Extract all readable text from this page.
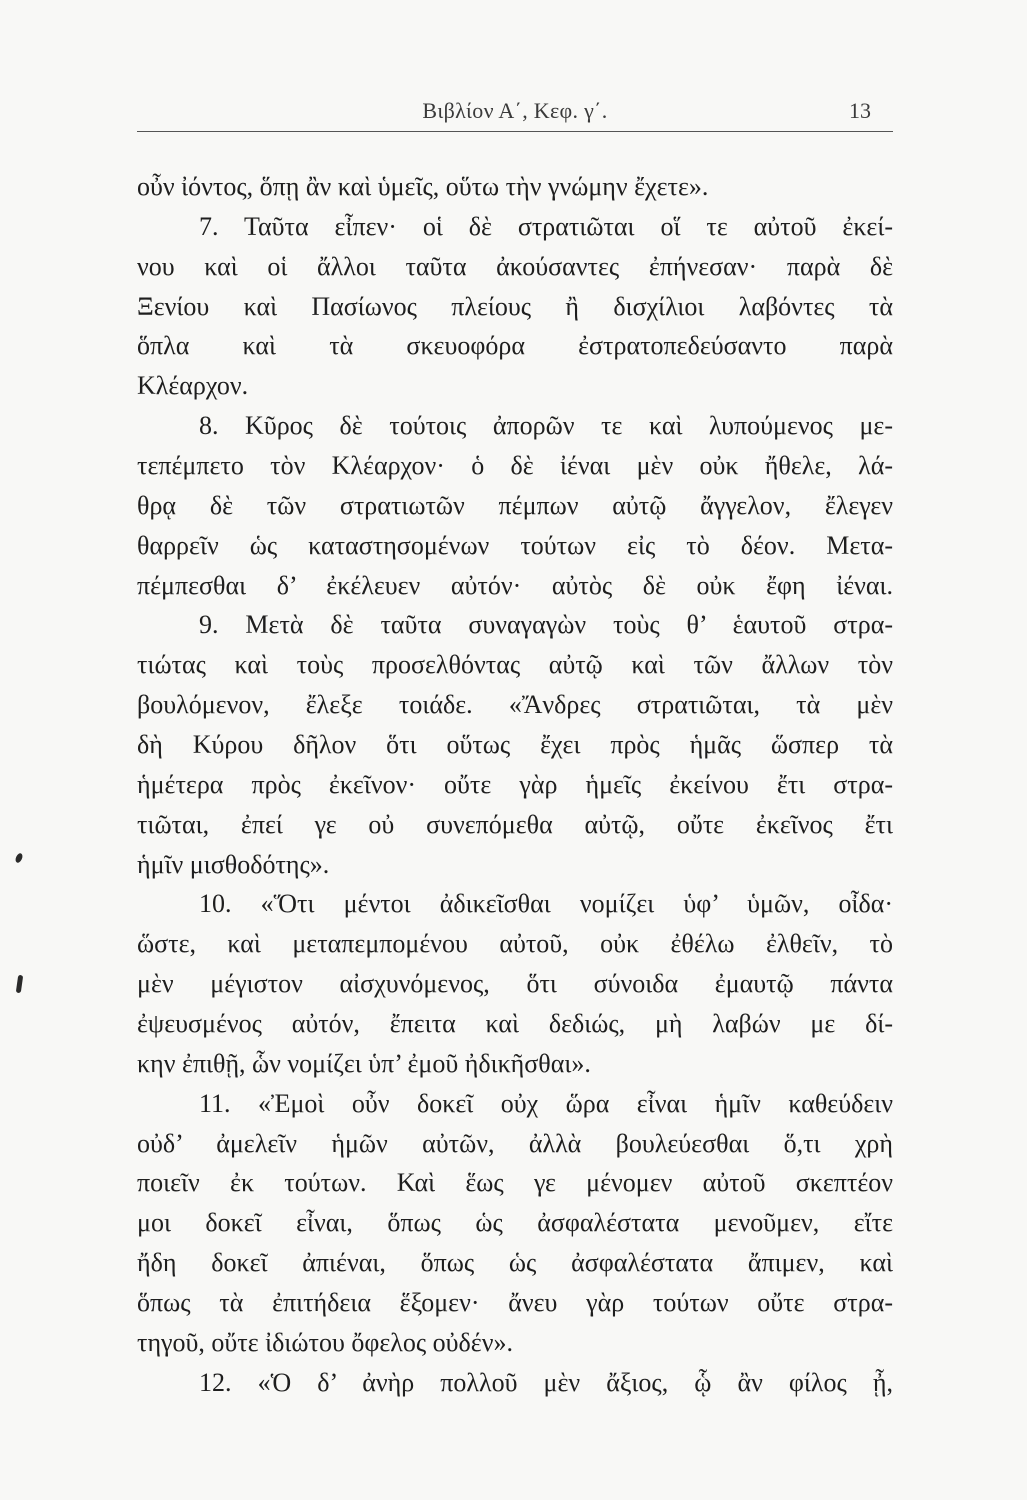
Βιβλίον Α΄, Κεφ. γ΄.	13
οὖν ἰόντος, ὅπῃ ἂν καὶ ὑμεῖς, οὕτω τὴν γνώμην ἔχετε».
7. Ταῦτα εἶπεν· οἱ δὲ στρατιῶται οἵ τε αὐτοῦ ἐκεί-
νου καὶ οἱ ἄλλοι ταῦτα ἀκούσαντες ἐπήνεσαν· παρὰ δὲ
Ξενίου καὶ Πασίωνος πλείους ἢ δισχίλιοι λαβόντες τὰ
ὅπλα καὶ τὰ σκευοφόρα ἐστρατοπεδεύσαντο παρὰ
Κλέαρχον.
8. Κῦρος δὲ τούτοις ἀπορῶν τε καὶ λυπούμενος με-
τεπέμπετο τὸν Κλέαρχον· ὁ δὲ ἰέναι μὲν οὐκ ἤθελε, λά-
θρᾳ δὲ τῶν στρατιωτῶν πέμπων αὐτῷ ἄγγελον, ἔλεγεν
θαρρεῖν ὡς καταστησομένων τούτων εἰς τὸ δέον. Μετα-
πέμπεσθαι δ’ ἐκέλευεν αὐτόν· αὐτὸς δὲ οὐκ ἔφη ἰέναι.
9. Μετὰ δὲ ταῦτα συναγαγὼν τοὺς θ’ ἑαυτοῦ στρα-
τιώτας καὶ τοὺς προσελθόντας αὐτῷ καὶ τῶν ἄλλων τὸν
βουλόμενον, ἔλεξε τοιάδε. «Ἄνδρες στρατιῶται, τὰ μὲν
δὴ Κύρου δῆλον ὅτι οὕτως ἔχει πρὸς ἡμᾶς ὥσπερ τὰ
ἡμέτερα πρὸς ἐκεῖνον· οὔτε γὰρ ἡμεῖς ἐκείνου ἔτι στρα-
τιῶται, ἐπεί γε οὐ συνεπόμεθα αὐτῷ, οὔτε ἐκεῖνος ἔτι
ἡμῖν μισθοδότης».
10. «Ὅτι μέντοι ἀδικεῖσθαι νομίζει ὑφ’ ὑμῶν, οἶδα·
ὥστε, καὶ μεταπεμπομένου αὐτοῦ, οὐκ ἐθέλω ἐλθεῖν, τὸ
μὲν μέγιστον αἰσχυνόμενος, ὅτι σύνοιδα ἐμαυτῷ πάντα
ἐψευσμένος αὐτόν, ἔπειτα καὶ δεδιώς, μὴ λαβών με δί-
κην ἐπιθῇ, ὧν νομίζει ὑπ’ ἐμοῦ ἠδικῆσθαι».
11. «Ἐμοὶ οὖν δοκεῖ οὐχ ὥρα εἶναι ἡμῖν καθεύδειν
οὐδ’ ἀμελεῖν ἡμῶν αὐτῶν, ἀλλὰ βουλεύεσθαι ὅ,τι χρὴ
ποιεῖν ἐκ τούτων. Καὶ ἕως γε μένομεν αὐτοῦ σκεπτέον
μοι δοκεῖ εἶναι, ὅπως ὡς ἀσφαλέστατα μενοῦμεν, εἴτε
ἤδη δοκεῖ ἀπιέναι, ὅπως ὡς ἀσφαλέστατα ἄπιμεν, καὶ
ὅπως τὰ ἐπιτήδεια ἕξομεν· ἄνευ γὰρ τούτων οὔτε στρα-
τηγοῦ, οὔτε ἰδιώτου ὄφελος οὐδέν».
12. «Ὁ δ’ ἀνὴρ πολλοῦ μὲν ἄξιος, ᾧ ἂν φίλος ᾖ,
